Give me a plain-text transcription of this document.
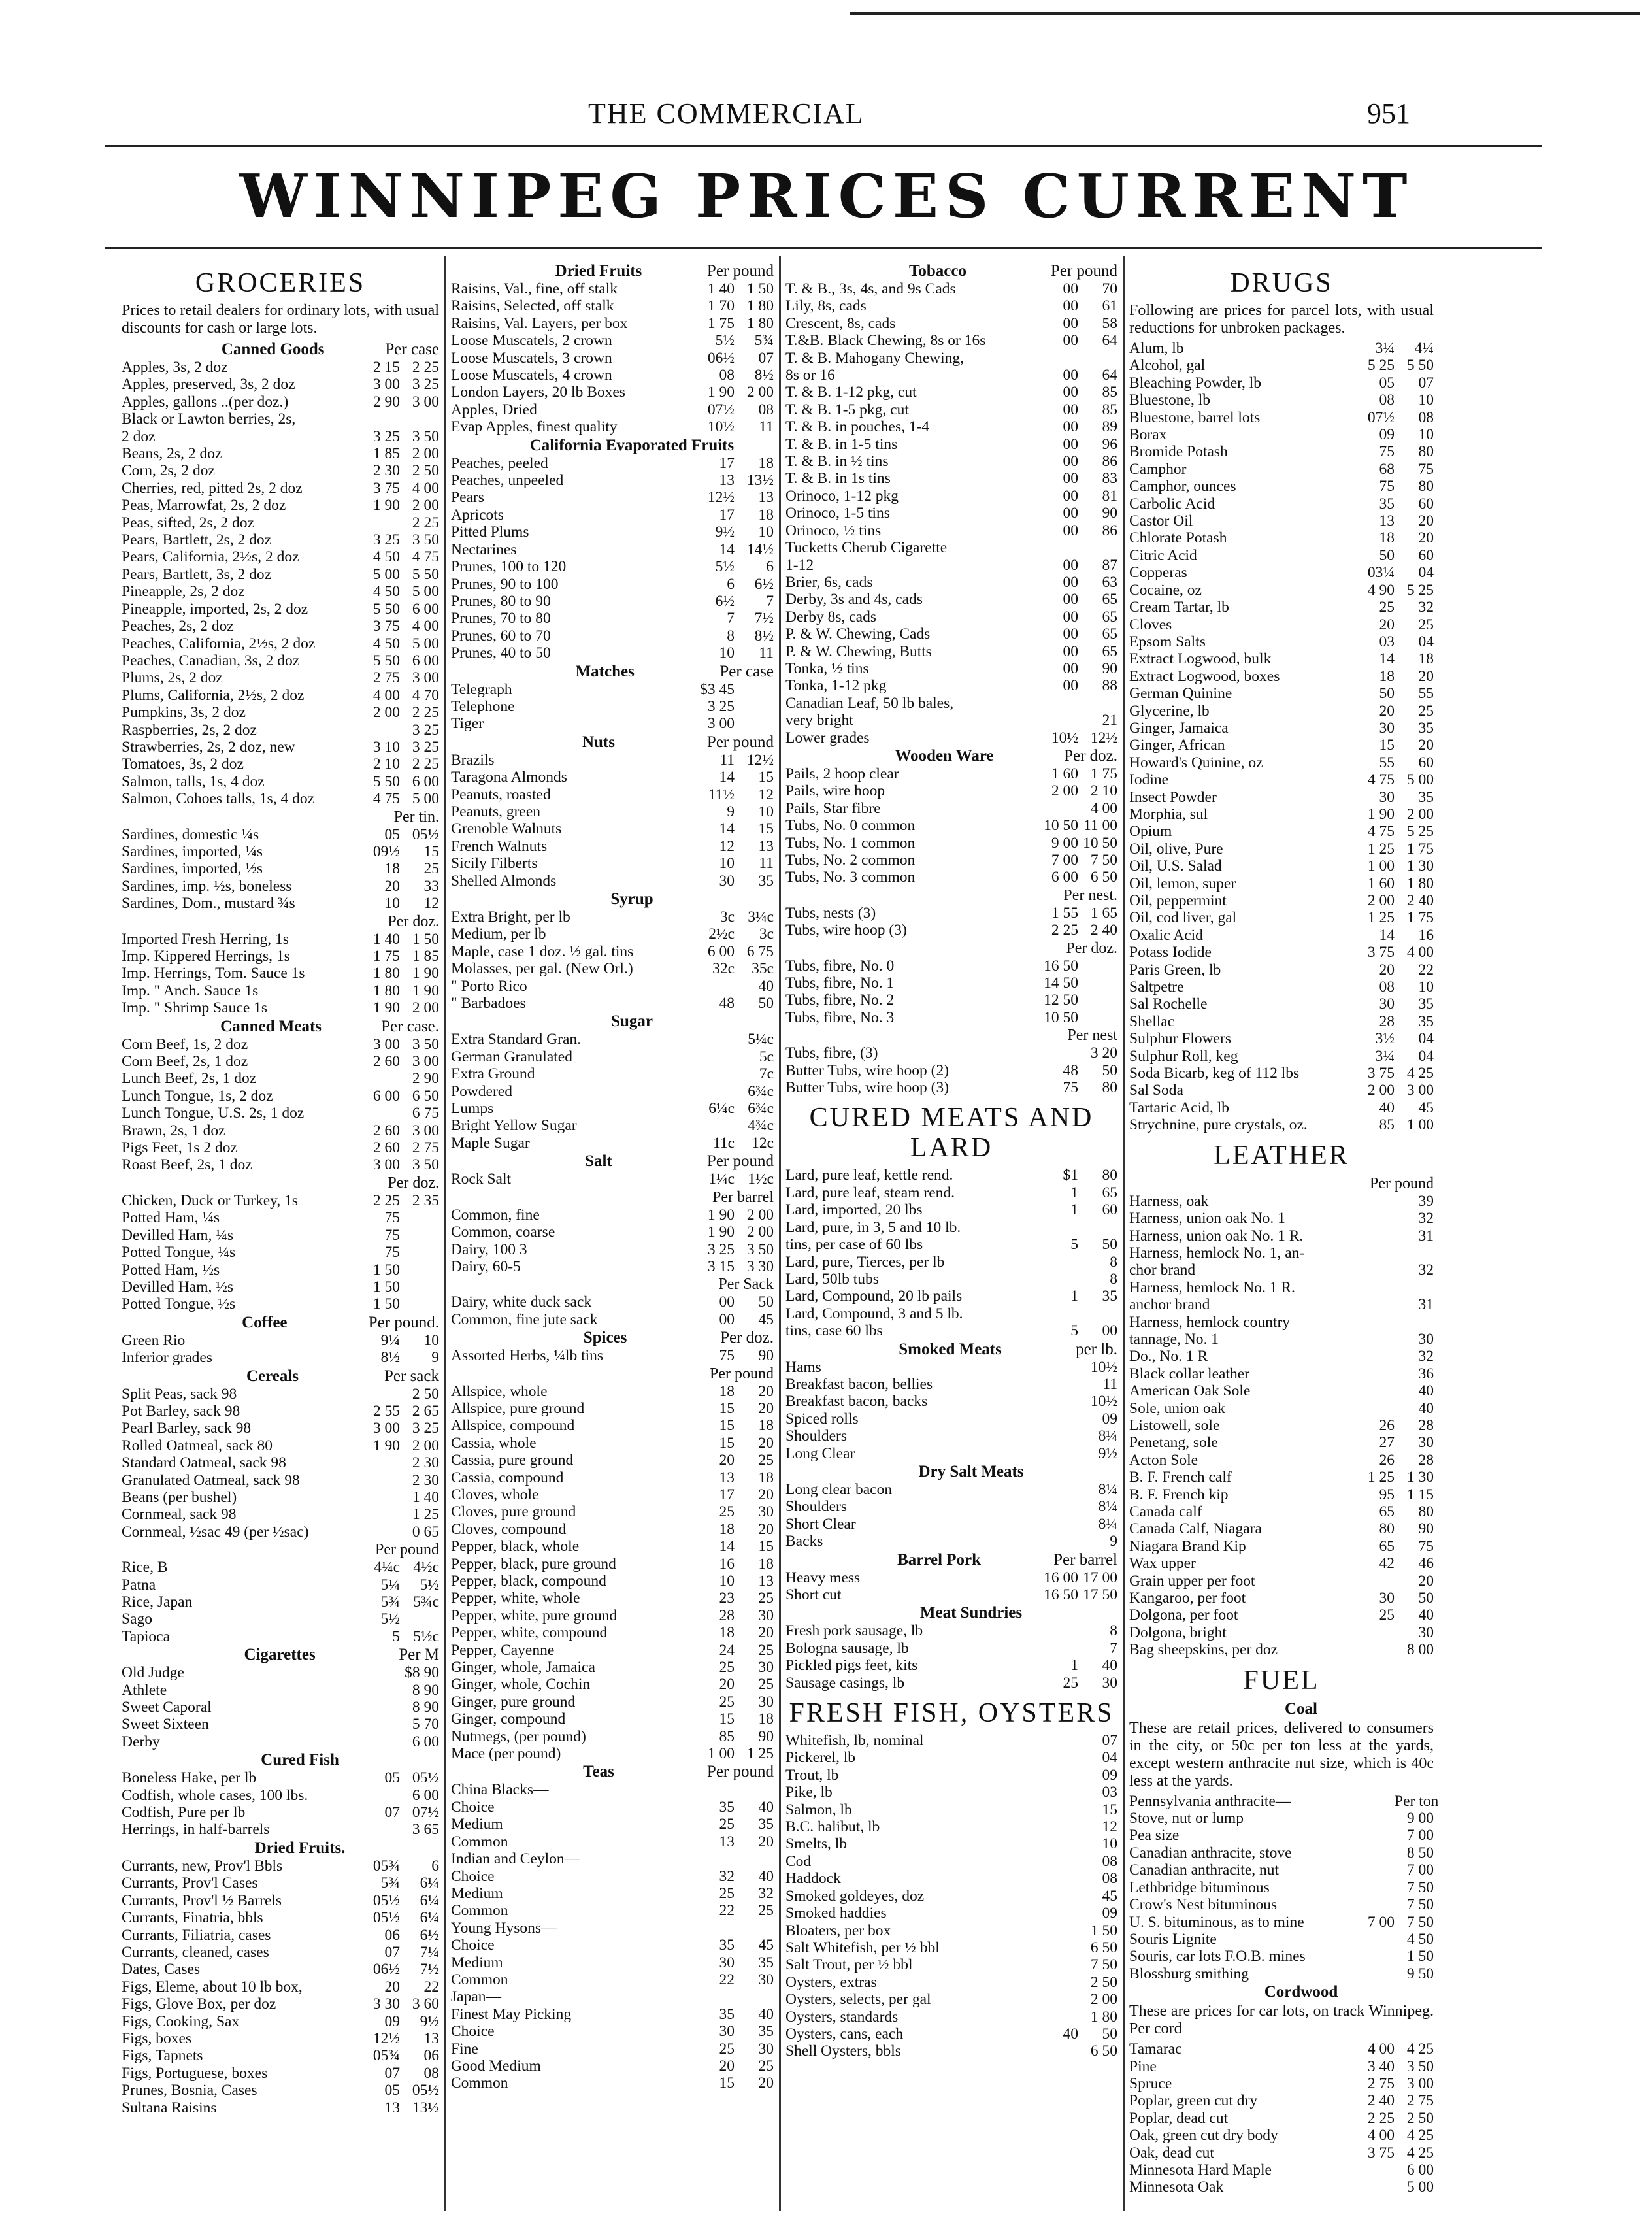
THE COMMERCIAL	951
WINNIPEG PRICES CURRENT
GROCERIES
Prices to retail dealers for ordinary lots, with usual discounts for cash or large lots.
Canned Goods	Per case
Apples, 3s, 2 doz	2 15 2 25
Apples, preserved, 3s, 2 doz	3 00 3 25
Apples, gallons ..(per doz.)	2 90 3 00
Black or Lawton berries, 2s,
2 doz	3 25 3 50
Beans, 2s, 2 doz	1 85 2 00
Corn, 2s, 2 doz	2 30 2 50
Cherries, red, pitted 2s, 2 doz	3 75 4 00
Peas, Marrowfat, 2s, 2 doz	1 90 2 00
Peas, sifted, 2s, 2 doz	2 25
Pears, Bartlett, 2s, 2 doz	3 25 3 50
Pears, California, 2½s, 2 doz	4 50 4 75
Pears, Bartlett, 3s, 2 doz	5 00 5 50
Pineapple, 2s, 2 doz	4 50 5 00
Pineapple, imported, 2s, 2 doz	5 50 6 00
Peaches, 2s, 2 doz	3 75 4 00
Peaches, California, 2½s, 2 doz	4 50 5 00
Peaches, Canadian, 3s, 2 doz	5 50 6 00
Plums, 2s, 2 doz	2 75 3 00
Plums, California, 2½s, 2 doz	4 00 4 70
Pumpkins, 3s, 2 doz	2 00 2 25
Raspberries, 2s, 2 doz	3 25
Strawberries, 2s, 2 doz, new	3 10 3 25
Tomatoes, 3s, 2 doz	2 10 2 25
Salmon, talls, 1s, 4 doz	5 50 6 00
Salmon, Cohoes talls, 1s, 4 doz	4 75 5 00
Per tin.
Sardines, domestic ¼s	05 05½
Sardines, imported, ¼s	09½	15
Sardines, imported, ½s	18	25
Sardines, imp. ½s, boneless	20	33
Sardines, Dom., mustard ¾s	10	12
Per doz.
Imported Fresh Herring, 1s	1 40 1 50
Imp. Kippered Herrings, 1s	1 75 1 85
Imp. Herrings, Tom. Sauce 1s	1 80 1 90
Imp. " Anch. Sauce 1s	1 80 1 90
Imp. " Shrimp Sauce 1s	1 90 2 00
Canned Meats	Per case.
Corn Beef, 1s, 2 doz	3 00 3 50
Corn Beef, 2s, 1 doz	2 60 3 00
Lunch Beef, 2s, 1 doz	2 90
Lunch Tongue, 1s, 2 doz	6 00 6 50
Lunch Tongue, U.S. 2s, 1 doz	6 75
Brawn, 2s, 1 doz	2 60 3 00
Pigs Feet, 1s 2 doz	2 60 2 75
Roast Beef, 2s, 1 doz	3 00 3 50
Per doz.
Chicken, Duck or Turkey, 1s	2 25 2 35
Potted Ham, ¼s	75
Devilled Ham, ¼s	75
Potted Tongue, ¼s	75
Potted Ham, ½s	1 50
Devilled Ham, ½s	1 50
Potted Tongue, ½s	1 50
Coffee	Per pound.
Green Rio	9¼	10
Inferior grades	8½	9
Cereals	Per sack
Split Peas, sack 98	2 50
Pot Barley, sack 98	2 55 2 65
Pearl Barley, sack 98	3 00 3 25
Rolled Oatmeal, sack 80	1 90 2 00
Standard Oatmeal, sack 98	2 30
Granulated Oatmeal, sack 98	2 30
Beans (per bushel)	1 40
Cornmeal, sack 98	1 25
Cornmeal, ½sac 49 (per ½sac)	0 65
Per pound
Rice, B	4¼c 4½c
Patna	5¼	5½
Rice, Japan	5¾ 5¾c
Sago	5½
Tapioca	5 5½c
Cigarettes	Per M
Old Judge	$8 90
Athlete	8 90
Sweet Caporal	8 90
Sweet Sixteen	5 70
Derby	6 00
Cured Fish
Boneless Hake, per lb	05 05½
Codfish, whole cases, 100 lbs.	6 00
Codfish, Pure per lb	07 07½
Herrings, in half-barrels	3 65
Dried Fruits.
Currants, new, Prov'l Bbls	05¾	6
Currants, Prov'l Cases	5¾	6¼
Currants, Prov'l ½ Barrels	05½	6¼
Currants, Finatria, bbls	05½	6¼
Currants, Filiatria, cases	06	6½
Currants, cleaned, cases	07	7¼
Dates, Cases	06½	7½
Figs, Eleme, about 10 lb box,	20	22
Figs, Glove Box, per doz	3 30 3 60
Figs, Cooking, Sax	09	9½
Figs, boxes	12½	13
Figs, Tapnets	05¾	06
Figs, Portuguese, boxes	07	08
Prunes, Bosnia, Cases	05 05½
Sultana Raisins	13 13½
Dried Fruits	Per pound
Raisins, Val., fine, off stalk	1 40 1 50
Raisins, Selected, off stalk	1 70 1 80
Raisins, Val. Layers, per box	1 75 1 80
Loose Muscatels, 2 crown	5½	5¾
Loose Muscatels, 3 crown	06½	07
Loose Muscatels, 4 crown	08	8½
London Layers, 20 lb Boxes	1 90 2 00
Apples, Dried	07½	08
Evap Apples, finest quality	10½	11
California Evaporated Fruits
Peaches, peeled	17	18
Peaches, unpeeled	13 13½
Pears	12½	13
Apricots	17	18
Pitted Plums	9½	10
Nectarines	14 14½
Prunes, 100 to 120	5½	6
Prunes, 90 to 100	6	6½
Prunes, 80 to 90	6½	7
Prunes, 70 to 80	7	7½
Prunes, 60 to 70	8	8½
Prunes, 40 to 50	10	11
Matches	Per case
Telegraph	$3 45
Telephone	3 25
Tiger	3 00
Nuts	Per pound
Brazils	11 12½
Taragona Almonds	14	15
Peanuts, roasted	11½	12
Peanuts, green	9	10
Grenoble Walnuts	14	15
French Walnuts	12	13
Sicily Filberts	10	11
Shelled Almonds	30	35
Syrup
Extra Bright, per lb	3c 3¼c
Medium, per lb	2½c	3c
Maple, case 1 doz. ½ gal. tins	6 00 6 75
Molasses, per gal. (New Orl.)	32c	35c
" Porto Rico	40
" Barbadoes	48	50
Sugar
Extra Standard Gran.	5¼c
German Granulated	5c
Extra Ground	7c
Powdered	6¾c
Lumps	6¼c 6¾c
Bright Yellow Sugar	4¾c
Maple Sugar	11c	12c
Salt	Per pound
Rock Salt	1¼c 1½c
Per barrel
Common, fine	1 90 2 00
Common, coarse	1 90 2 00
Dairy, 100 3	3 25 3 50
Dairy, 60-5	3 15 3 30
Per Sack
Dairy, white duck sack	00	50
Common, fine jute sack	00	45
Spices	Per doz.
Assorted Herbs, ¼lb tins	75	90
Per pound
Allspice, whole	18	20
Allspice, pure ground	15	20
Allspice, compound	15	18
Cassia, whole	15	20
Cassia, pure ground	20	25
Cassia, compound	13	18
Cloves, whole	17	20
Cloves, pure ground	25	30
Cloves, compound	18	20
Pepper, black, whole	14	15
Pepper, black, pure ground	16	18
Pepper, black, compound	10	13
Pepper, white, whole	23	25
Pepper, white, pure ground	28	30
Pepper, white, compound	18	20
Pepper, Cayenne	24	25
Ginger, whole, Jamaica	25	30
Ginger, whole, Cochin	20	25
Ginger, pure ground	25	30
Ginger, compound	15	18
Nutmegs, (per pound)	85	90
Mace (per pound)	1 00 1 25
Teas	Per pound
China Blacks—
Choice	35	40
Medium	25	35
Common	13	20
Indian and Ceylon—
Choice	32	40
Medium	25	32
Common	22	25
Young Hysons—
Choice	35	45
Medium	30	35
Common	22	30
Japan—
Finest May Picking	35	40
Choice	30	35
Fine	25	30
Good Medium	20	25
Common	15	20
Tobacco	Per pound
T. & B., 3s, 4s, and 9s Cads	00	70
Lily, 8s, cads	00	61
Crescent, 8s, cads	00	58
T.&B. Black Chewing, 8s or 16s	00	64
T. & B. Mahogany Chewing,
8s or 16	00	64
T. & B. 1-12 pkg, cut	00	85
T. & B. 1-5 pkg, cut	00	85
T. & B. in pouches, 1-4	00	89
T. & B. in 1-5 tins	00	96
T. & B. in ½ tins	00	86
T. & B. in 1s tins	00	83
Orinoco, 1-12 pkg	00	81
Orinoco, 1-5 tins	00	90
Orinoco, ½ tins	00	86
Tucketts Cherub Cigarette
1-12	00	87
Brier, 6s, cads	00	63
Derby, 3s and 4s, cads	00	65
Derby 8s, cads	00	65
P. & W. Chewing, Cads	00	65
P. & W. Chewing, Butts	00	65
Tonka, ½ tins	00	90
Tonka, 1-12 pkg	00	88
Canadian Leaf, 50 lb bales,
very bright	21
Lower grades	10½ 12½
Wooden Ware	Per doz.
Pails, 2 hoop clear	1 60 1 75
Pails, wire hoop	2 00 2 10
Pails, Star fibre	4 00
Tubs, No. 0 common	10 50 11 00
Tubs, No. 1 common	9 00 10 50
Tubs, No. 2 common	7 00 7 50
Tubs, No. 3 common	6 00 6 50
Per nest.
Tubs, nests (3)	1 55 1 65
Tubs, wire hoop (3)	2 25 2 40
Per doz.
Tubs, fibre, No. 0	16 50
Tubs, fibre, No. 1	14 50
Tubs, fibre, No. 2	12 50
Tubs, fibre, No. 3	10 50
Per nest
Tubs, fibre, (3)	3 20
Butter Tubs, wire hoop (2)	48	50
Butter Tubs, wire hoop (3)	75	80
CURED MEATS AND LARD
Lard, pure leaf, kettle rend.	$1	80
Lard, pure leaf, steam rend.	1	65
Lard, imported, 20 lbs	1	60
Lard, pure, in 3, 5 and 10 lb.
tins, per case of 60 lbs	5	50
Lard, pure, Tierces, per lb	8
Lard, 50lb tubs	8
Lard, Compound, 20 lb pails	1	35
Lard, Compound, 3 and 5 lb.
tins, case 60 lbs	5	00
Smoked Meats	per lb.
Hams	10½
Breakfast bacon, bellies	11
Breakfast bacon, backs	10½
Spiced rolls	09
Shoulders	8¼
Long Clear	9½
Dry Salt Meats
Long clear bacon	8¼
Shoulders	8¼
Short Clear	8¼
Backs	9
Barrel Pork	Per barrel
Heavy mess	16 00 17 00
Short cut	16 50 17 50
Meat Sundries
Fresh pork sausage, lb	8
Bologna sausage, lb	7
Pickled pigs feet, kits	1	40
Sausage casings, lb	25	30
FRESH FISH, OYSTERS
Whitefish, lb, nominal	07
Pickerel, lb	04
Trout, lb	09
Pike, lb	03
Salmon, lb	15
B.C. halibut, lb	12
Smelts, lb	10
Cod	08
Haddock	08
Smoked goldeyes, doz	45
Smoked haddies	09
Bloaters, per box	1 50
Salt Whitefish, per ½ bbl	6 50
Salt Trout, per ½ bbl	7 50
Oysters, extras	2 50
Oysters, selects, per gal	2 00
Oysters, standards	1 80
Oysters, cans, each	40	50
Shell Oysters, bbls	6 50
DRUGS
Following are prices for parcel lots, with usual reductions for unbroken packages.
Alum, lb	3¼	4¼
Alcohol, gal	5 25 5 50
Bleaching Powder, lb	05	07
Bluestone, lb	08	10
Bluestone, barrel lots	07½	08
Borax	09	10
Bromide Potash	75	80
Camphor	68	75
Camphor, ounces	75	80
Carbolic Acid	35	60
Castor Oil	13	20
Chlorate Potash	18	20
Citric Acid	50	60
Copperas	03¼	04
Cocaine, oz	4 90 5 25
Cream Tartar, lb	25	32
Cloves	20	25
Epsom Salts	03	04
Extract Logwood, bulk	14	18
Extract Logwood, boxes	18	20
German Quinine	50	55
Glycerine, lb	20	25
Ginger, Jamaica	30	35
Ginger, African	15	20
Howard's Quinine, oz	55	60
Iodine	4 75 5 00
Insect Powder	30	35
Morphia, sul	1 90 2 00
Opium	4 75 5 25
Oil, olive, Pure	1 25 1 75
Oil, U.S. Salad	1 00 1 30
Oil, lemon, super	1 60 1 80
Oil, peppermint	2 00 2 40
Oil, cod liver, gal	1 25 1 75
Oxalic Acid	14	16
Potass Iodide	3 75 4 00
Paris Green, lb	20	22
Saltpetre	08	10
Sal Rochelle	30	35
Shellac	28	35
Sulphur Flowers	3½	04
Sulphur Roll, keg	3¼	04
Soda Bicarb, keg of 112 lbs	3 75 4 25
Sal Soda	2 00 3 00
Tartaric Acid, lb	40	45
Strychnine, pure crystals, oz.	85 1 00
LEATHER
Per pound
Harness, oak	39
Harness, union oak No. 1	32
Harness, union oak No. 1 R.	31
Harness, hemlock No. 1, an-
chor brand	32
Harness, hemlock No. 1 R.
anchor brand	31
Harness, hemlock country
tannage, No. 1	30
Do., No. 1 R	32
Black collar leather	36
American Oak Sole	40
Sole, union oak	40
Listowell, sole	26	28
Penetang, sole	27	30
Acton Sole	26	28
B. F. French calf	1 25 1 30
B. F. French kip	95 1 15
Canada calf	65	80
Canada Calf, Niagara	80	90
Niagara Brand Kip	65	75
Wax upper	42	46
Grain upper per foot	20
Kangaroo, per foot	30	50
Dolgona, per foot	25	40
Dolgona, bright	30
Bag sheepskins, per doz	8 00
FUEL
Coal
These are retail prices, delivered to consumers in the city, or 50c per ton less at the yards, except western anthracite nut size, which is 40c less at the yards.
Pennsylvania anthracite—	Per ton
Stove, nut or lump	9 00
Pea size	7 00
Canadian anthracite, stove	8 50
Canadian anthracite, nut	7 00
Lethbridge bituminous	7 50
Crow's Nest bituminous	7 50
U. S. bituminous, as to mine	7 00 7 50
Souris Lignite	4 50
Souris, car lots F.O.B. mines	1 50
Blossburg smithing	9 50
Cordwood
These are prices for car lots, on track Winnipeg. Per cord
Tamarac	4 00 4 25
Pine	3 40 3 50
Spruce	2 75 3 00
Poplar, green cut dry	2 40 2 75
Poplar, dead cut	2 25 2 50
Oak, green cut dry body	4 00 4 25
Oak, dead cut	3 75 4 25
Minnesota Hard Maple	6 00
Minnesota Oak	5 00
